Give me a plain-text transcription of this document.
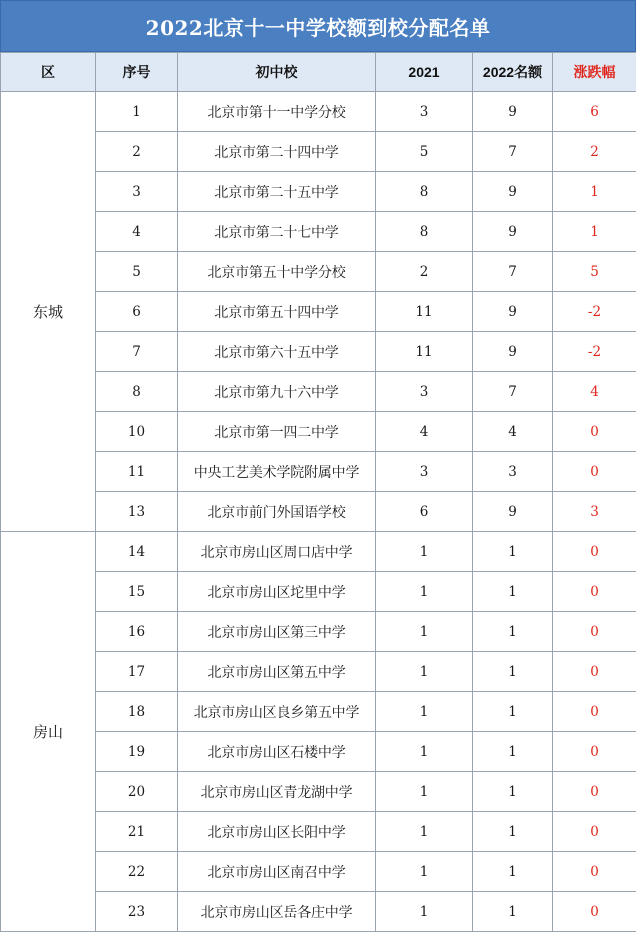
2022北京十一中学校额到校分配名单
区	序号	初中校	2021	2022名额	涨跌幅
东城	1	北京市第十一中学分校	3	9	6
	2	北京市第二十四中学	5	7	2
	3	北京市第二十五中学	8	9	1
	4	北京市第二十七中学	8	9	1
	5	北京市第五十中学分校	2	7	5
	6	北京市第五十四中学	11	9	-2
	7	北京市第六十五中学	11	9	-2
	8	北京市第九十六中学	3	7	4
	10	北京市第一四二中学	4	4	0
	11	中央工艺美术学院附属中学	3	3	0
	13	北京市前门外国语学校	6	9	3
房山	14	北京市房山区周口店中学	1	1	0
	15	北京市房山区坨里中学	1	1	0
	16	北京市房山区第三中学	1	1	0
	17	北京市房山区第五中学	1	1	0
	18	北京市房山区良乡第五中学	1	1	0
	19	北京市房山区石楼中学	1	1	0
	20	北京市房山区青龙湖中学	1	1	0
	21	北京市房山区长阳中学	1	1	0
	22	北京市房山区南召中学	1	1	0
	23	北京市房山区岳各庄中学	1	1	0
